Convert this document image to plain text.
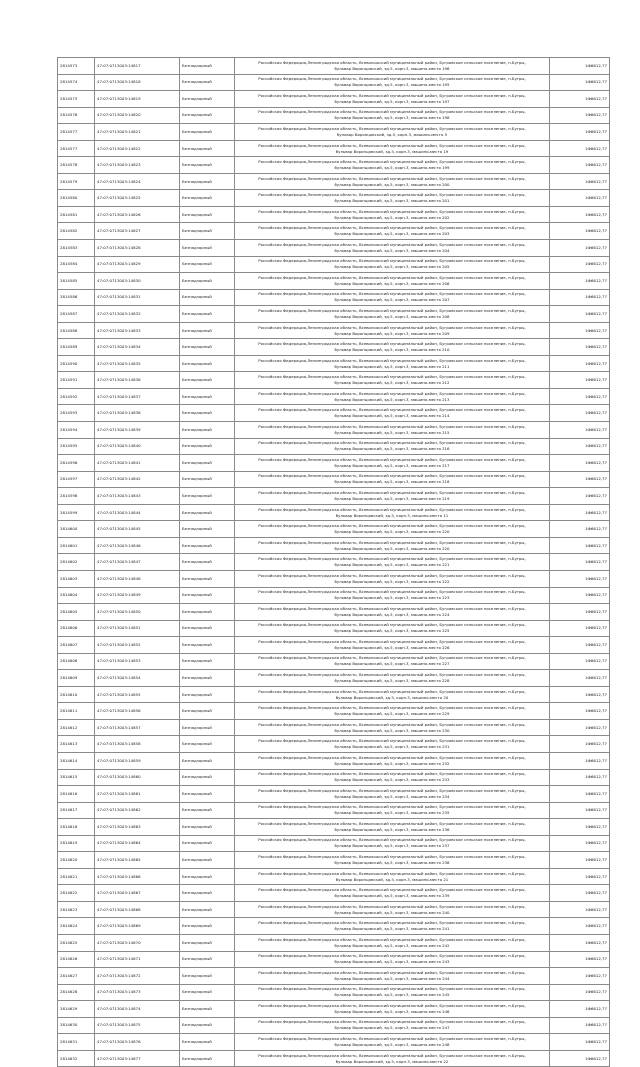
2814573	47:07:0713003:14817	Безнадзорный	Российская Федерация,Ленинградская область, Всеволожский муниципальный район, Бугровское сельское поселение, п.Бугры,
бульвар Воронцовский, зд.5, корп.3, машино-место 196	1Ф6612,77
2814574	47:07:0713003:14818	Безнадзорный	Российская Федерация,Ленинградская область, Всеволожский муниципальный район, Бугровское сельское поселение, п.Бугры,
бульвар Воронцовский, зд.5, корп.3, машино-место 195	1Ф6612,77
2814575	47:07:0713003:14819	Безнадзорный	Российская Федерация,Ленинградская область, Всеволожский муниципальный район, Бугровское сельское поселение, п.Бугры,
бульвар Воронцовский, зд.5, корп.3, машино-место 197	1Ф6612,77
2814576	47:07:0713003:14820	Безнадзорный	Российская Федерация,Ленинградская область, Всеволожский муниципальный район, Бугровское сельское поселение, п.Бугры,
бульвар Воронцовский, зд.5, корп.3, машино-место 198	1Ф6612,77
2814577	47:07:0713003:14821	Безнадзорный	Российская Федерация,Ленинградская область, Всеволожский муниципальный район, Бугровское сельское поселение, п.Бугры,
бульвар Воронцовский, зд.5, корп.3, машино-место 5	1Ф6612,77
2814577	47:07:0713003:14822	Безнадзорный	Российская Федерация,Ленинградская область, Всеволожский муниципальный район, Бугровское сельское поселение, п.Бугры,
бульвар Воронцовский, зд.5, корп.3, машино-место 19	1Ф6612,77
2814578	47:07:0713003:14823	Безнадзорный	Российская Федерация,Ленинградская область, Всеволожский муниципальный район, Бугровское сельское поселение, п.Бугры,
бульвар Воронцовский, зд.5, корп.3, машино-место 199	1Ф6612,77
2814579	47:07:0713003:14824	Безнадзорный	Российская Федерация,Ленинградская область, Всеволожский муниципальный район, Бугровское сельское поселение, п.Бугры,
бульвар Воронцовский, зд.5, корп.3, машино-место 200	1Ф6612,77
2814580	47:07:0713003:14825	Безнадзорный	Российская Федерация,Ленинградская область, Всеволожский муниципальный район, Бугровское сельское поселение, п.Бугры,
бульвар Воронцовский, зд.5, корп.3, машино-место 201	1Ф6612,77
2814581	47:07:0713003:14826	Безнадзорный	Российская Федерация,Ленинградская область, Всеволожский муниципальный район, Бугровское сельское поселение, п.Бугры,
бульвар Воронцовский, зд.5, корп.3, машино-место 202	1Ф6612,77
2814582	47:07:0713003:14827	Безнадзорный	Российская Федерация,Ленинградская область, Всеволожский муниципальный район, Бугровское сельское поселение, п.Бугры,
бульвар Воронцовский, зд.5, корп.3, машино-место 203	1Ф6612,77
2814583	47:07:0713003:14828	Безнадзорный	Российская Федерация,Ленинградская область, Всеволожский муниципальный район, Бугровское сельское поселение, п.Бугры,
бульвар Воронцовский, зд.5, корп.3, машино-место 204	1Ф6612,77
2814584	47:07:0713003:14829	Безнадзорный	Российская Федерация,Ленинградская область, Всеволожский муниципальный район, Бугровское сельское поселение, п.Бугры,
бульвар Воронцовский, зд.5, корп.3, машино-место 205	1Ф6612,77
2814585	47:07:0713003:14830	Безнадзорный	Российская Федерация,Ленинградская область, Всеволожский муниципальный район, Бугровское сельское поселение, п.Бугры,
бульвар Воронцовский, зд.5, корп.3, машино-место 206	1Ф6612,77
2814586	47:07:0713003:14831	Безнадзорный	Российская Федерация,Ленинградская область, Всеволожский муниципальный район, Бугровское сельское поселение, п.Бугры,
бульвар Воронцовский, зд.5, корп.3, машино-место 207	1Ф6612,77
2814587	47:07:0713003:14832	Безнадзорный	Российская Федерация,Ленинградская область, Всеволожский муниципальный район, Бугровское сельское поселение, п.Бугры,
бульвар Воронцовский, зд.5, корп.3, машино-место 208	1Ф6612,77
2814588	47:07:0713003:14833	Безнадзорный	Российская Федерация,Ленинградская область, Всеволожский муниципальный район, Бугровское сельское поселение, п.Бугры,
бульвар Воронцовский, зд.5, корп.3, машино-место 209	1Ф6612,77
2814589	47:07:0713003:14834	Безнадзорный	Российская Федерация,Ленинградская область, Всеволожский муниципальный район, Бугровское сельское поселение, п.Бугры,
бульвар Воронцовский, зд.5, корп.3, машино-место 210	1Ф6612,77
2814590	47:07:0713003:14835	Безнадзорный	Российская Федерация,Ленинградская область, Всеволожский муниципальный район, Бугровское сельское поселение, п.Бугры,
бульвар Воронцовский, зд.5, корп.3, машино-место 211	1Ф6612,77
2814591	47:07:0713003:14836	Безнадзорный	Российская Федерация,Ленинградская область, Всеволожский муниципальный район, Бугровское сельское поселение, п.Бугры,
бульвар Воронцовский, зд.5, корп.3, машино-место 212	1Ф6612,77
2814592	47:07:0713003:14837	Безнадзорный	Российская Федерация,Ленинградская область, Всеволожский муниципальный район, Бугровское сельское поселение, п.Бугры,
бульвар Воронцовский, зд.5, корп.3, машино-место 213	1Ф6612,77
2814593	47:07:0713003:14838	Безнадзорный	Российская Федерация,Ленинградская область, Всеволожский муниципальный район, Бугровское сельское поселение, п.Бугры,
бульвар Воронцовский, зд.5, корп.3, машино-место 214	1Ф6612,77
2814594	47:07:0713003:14839	Безнадзорный	Российская Федерация,Ленинградская область, Всеволожский муниципальный район, Бугровское сельское поселение, п.Бугры,
бульвар Воронцовский, зд.5, корп.3, машино-место 215	1Ф6612,77
2814595	47:07:0713003:14840	Безнадзорный	Российская Федерация,Ленинградская область, Всеволожский муниципальный район, Бугровское сельское поселение, п.Бугры,
бульвар Воронцовский, зд.5, корп.3, машино-место 216	1Ф6612,77
2814596	47:07:0713003:14841	Безнадзорный	Российская Федерация,Ленинградская область, Всеволожский муниципальный район, Бугровское сельское поселение, п.Бугры,
бульвар Воронцовский, зд.5, корп.3, машино-место 217	1Ф6612,77
2814597	47:07:0713003:14842	Безнадзорный	Российская Федерация,Ленинградская область, Всеволожский муниципальный район, Бугровское сельское поселение, п.Бугры,
бульвар Воронцовский, зд.5, корп.3, машино-место 218	1Ф6612,77
2814598	47:07:0713003:14843	Безнадзорный	Российская Федерация,Ленинградская область, Всеволожский муниципальный район, Бугровское сельское поселение, п.Бугры,
бульвар Воронцовский, зд.5, корп.3, машино-место 219	1Ф6612,77
2814599	47:07:0713003:14844	Безнадзорный	Российская Федерация,Ленинградская область, Всеволожский муниципальный район, Бугровское сельское поселение, п.Бугры,
бульвар Воронцовский, зд.5, корп.3, машино-место 11	1Ф6612,77
2814600	47:07:0713003:14845	Безнадзорный	Российская Федерация,Ленинградская область, Всеволожский муниципальный район, Бугровское сельское поселение, п.Бугры,
бульвар Воронцовский, зд.5, корп.3, машино-место 220	1Ф6612,77
2814601	47:07:0713003:14846	Безнадзорный	Российская Федерация,Ленинградская область, Всеволожский муниципальный район, Бугровское сельское поселение, п.Бугры,
бульвар Воронцовский, зд.5, корп.3, машино-место 220	1Ф6612,77
2814602	47:07:0713003:14847	Безнадзорный	Российская Федерация,Ленинградская область, Всеволожский муниципальный район, Бугровское сельское поселение, п.Бугры,
бульвар Воронцовский, зд.5, корп.3, машино-место 221	1Ф6612,77
2814603	47:07:0713003:14848	Безнадзорный	Российская Федерация,Ленинградская область, Всеволожский муниципальный район, Бугровское сельское поселение, п.Бугры,
бульвар Воронцовский, зд.5, корп.3, машино-место 222	1Ф6612,77
2814604	47:07:0713003:14849	Безнадзорный	Российская Федерация,Ленинградская область, Всеволожский муниципальный район, Бугровское сельское поселение, п.Бугры,
бульвар Воронцовский, зд.5, корп.3, машино-место 223	1Ф6612,77
2814605	47:07:0713003:14850	Безнадзорный	Российская Федерация,Ленинградская область, Всеволожский муниципальный район, Бугровское сельское поселение, п.Бугры,
бульвар Воронцовский, зд.5, корп.3, машино-место 224	1Ф6612,77
2814606	47:07:0713003:14851	Безнадзорный	Российская Федерация,Ленинградская область, Всеволожский муниципальный район, Бугровское сельское поселение, п.Бугры,
бульвар Воронцовский, зд.5, корп.3, машино-место 225	1Ф6612,77
2814607	47:07:0713003:14852	Безнадзорный	Российская Федерация,Ленинградская область, Всеволожский муниципальный район, Бугровское сельское поселение, п.Бугры,
бульвар Воронцовский, зд.5, корп.3, машино-место 226	1Ф6612,77
2814608	47:07:0713003:14853	Безнадзорный	Российская Федерация,Ленинградская область, Всеволожский муниципальный район, Бугровское сельское поселение, п.Бугры,
бульвар Воронцовский, зд.5, корп.3, машино-место 227	1Ф6612,77
2814609	47:07:0713003:14854	Безнадзорный	Российская Федерация,Ленинградская область, Всеволожский муниципальный район, Бугровское сельское поселение, п.Бугры,
бульвар Воронцовский, зд.5, корп.3, машино-место 228	1Ф6612,77
2814610	47:07:0713003:14855	Безнадзорный	Российская Федерация,Ленинградская область, Всеволожский муниципальный район, Бугровское сельское поселение, п.Бугры,
бульвар Воронцовский, зд.5, корп.3, машино-место 20	1Ф6612,77
2814611	47:07:0713003:14856	Безнадзорный	Российская Федерация,Ленинградская область, Всеволожский муниципальный район, Бугровское сельское поселение, п.Бугры,
бульвар Воронцовский, зд.5, корп.3, машино-место 229	1Ф6612,77
2814612	47:07:0713003:14857	Безнадзорный	Российская Федерация,Ленинградская область, Всеволожский муниципальный район, Бугровское сельское поселение, п.Бугры,
бульвар Воронцовский, зд.5, корп.3, машино-место 230	1Ф6612,77
2814613	47:07:0713003:14858	Безнадзорный	Российская Федерация,Ленинградская область, Всеволожский муниципальный район, Бугровское сельское поселение, п.Бугры,
бульвар Воронцовский, зд.5, корп.3, машино-место 231	1Ф6612,77
2814614	47:07:0713003:14859	Безнадзорный	Российская Федерация,Ленинградская область, Всеволожский муниципальный район, Бугровское сельское поселение, п.Бугры,
бульвар Воронцовский, зд.5, корп.3, машино-место 232	1Ф6612,77
2814615	47:07:0713003:14860	Безнадзорный	Российская Федерация,Ленинградская область, Всеволожский муниципальный район, Бугровское сельское поселение, п.Бугры,
бульвар Воронцовский, зд.5, корп.3, машино-место 233	1Ф6612,77
2814616	47:07:0713003:14861	Безнадзорный	Российская Федерация,Ленинградская область, Всеволожский муниципальный район, Бугровское сельское поселение, п.Бугры,
бульвар Воронцовский, зд.5, корп.3, машино-место 234	1Ф6612,77
2814617	47:07:0713003:14862	Безнадзорный	Российская Федерация,Ленинградская область, Всеволожский муниципальный район, Бугровское сельское поселение, п.Бугры,
бульвар Воронцовский, зд.5, корп.3, машино-место 235	1Ф6612,77
2814618	47:07:0713003:14863	Безнадзорный	Российская Федерация,Ленинградская область, Всеволожский муниципальный район, Бугровское сельское поселение, п.Бугры,
бульвар Воронцовский, зд.5, корп.3, машино-место 236	1Ф6612,77
2814619	47:07:0713003:14864	Безнадзорный	Российская Федерация,Ленинградская область, Всеволожский муниципальный район, Бугровское сельское поселение, п.Бугры,
бульвар Воронцовский, зд.5, корп.3, машино-место 237	1Ф6612,77
2814620	47:07:0713003:14865	Безнадзорный	Российская Федерация,Ленинградская область, Всеволожский муниципальный район, Бугровское сельское поселение, п.Бугры,
бульвар Воронцовский, зд.5, корп.3, машино-место 238	1Ф6612,77
2814621	47:07:0713003:14866	Безнадзорный	Российская Федерация,Ленинградская область, Всеволожский муниципальный район, Бугровское сельское поселение, п.Бугры,
бульвар Воронцовский, зд.5, корп.3, машино-место 21	1Ф6612,77
2814622	47:07:0713003:14867	Безнадзорный	Российская Федерация,Ленинградская область, Всеволожский муниципальный район, Бугровское сельское поселение, п.Бугры,
бульвар Воронцовский, зд.5, корп.3, машино-место 239	1Ф6612,77
2814623	47:07:0713003:14868	Безнадзорный	Российская Федерация,Ленинградская область, Всеволожский муниципальный район, Бугровское сельское поселение, п.Бугры,
бульвар Воронцовский, зд.5, корп.3, машино-место 240	1Ф6612,77
2814624	47:07:0713003:14869	Безнадзорный	Российская Федерация,Ленинградская область, Всеволожский муниципальный район, Бугровское сельское поселение, п.Бугры,
бульвар Воронцовский, зд.5, корп.3, машино-место 241	1Ф6612,77
2814625	47:07:0713003:14870	Безнадзорный	Российская Федерация,Ленинградская область, Всеволожский муниципальный район, Бугровское сельское поселение, п.Бугры,
бульвар Воронцовский, зд.5, корп.3, машино-место 242	1Ф6612,77
2814626	47:07:0713003:14871	Безнадзорный	Российская Федерация,Ленинградская область, Всеволожский муниципальный район, Бугровское сельское поселение, п.Бугры,
бульвар Воронцовский, зд.5, корп.3, машино-место 243	1Ф6612,77
2814627	47:07:0713003:14872	Безнадзорный	Российская Федерация,Ленинградская область, Всеволожский муниципальный район, Бугровское сельское поселение, п.Бугры,
бульвар Воронцовский, зд.5, корп.3, машино-место 244	1Ф6612,77
2814628	47:07:0713003:14873	Безнадзорный	Российская Федерация,Ленинградская область, Всеволожский муниципальный район, Бугровское сельское поселение, п.Бугры,
бульвар Воронцовский, зд.5, корп.3, машино-место 245	1Ф6612,77
2814629	47:07:0713003:14874	Безнадзорный	Российская Федерация,Ленинградская область, Всеволожский муниципальный район, Бугровское сельское поселение, п.Бугры,
бульвар Воронцовский, зд.5, корп.3, машино-место 246	1Ф6612,77
2814630	47:07:0713003:14875	Безнадзорный	Российская Федерация,Ленинградская область, Всеволожский муниципальный район, Бугровское сельское поселение, п.Бугры,
бульвар Воронцовский, зд.5, корп.3, машино-место 247	1Ф6612,77
2814631	47:07:0713003:14876	Безнадзорный	Российская Федерация,Ленинградская область, Всеволожский муниципальный район, Бугровское сельское поселение, п.Бугры,
бульвар Воронцовский, зд.5, корп.3, машино-место 248	1Ф6612,77
2814632	47:07:0713003:14877	Безнадзорный	Российская Федерация,Ленинградская область, Всеволожский муниципальный район, Бугровское сельское поселение, п.Бугры,
бульвар Воронцовский, зд.5, корп.3, машино-место 22	1Ф6612,77
